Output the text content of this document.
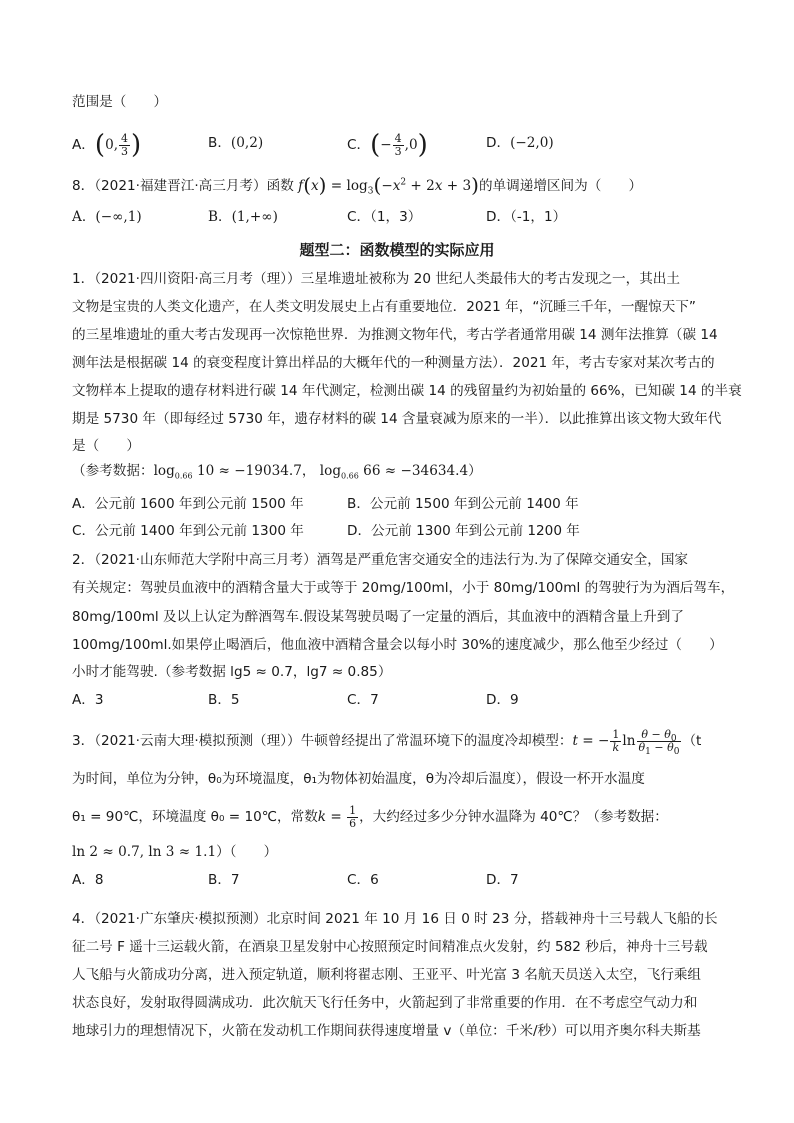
范围是（　　）
A．(0, $\frac{4}{3}$ )	B．(0,2)	C．(− $\frac{4}{3} ,0$)	D．(−2,0)
8．（2021·福建晋江·高三月考）函数 $f(x) = \log_3(-x^2 + 2x + 3)$的单调递增区间为（　　）
A．(−∞,1)	B．(1,+∞)	C．（1，3）	D．（-1，1）
题型二：函数模型的实际应用
1．（2021·四川资阳·高三月考（理））三星堆遗址被称为 20 世纪人类最伟大的考古发现之一，其出土
文物是宝贵的人类文化遗产，在人类文明发展史上占有重要地位．2021 年，“沉睡三千年，一醒惊天下”
的三星堆遗址的重大考古发现再一次惊艳世界．为推测文物年代，考古学者通常用碳 14 测年法推算（碳 14
测年法是根据碳 14 的衰变程度计算出样品的大概年代的一种测量方法）．2021 年，考古专家对某次考古的
文物样本上提取的遗存材料进行碳 14 年代测定，检测出碳 14 的残留量约为初始量的 66%，已知碳 14 的半衰
期是 5730 年（即每经过 5730 年，遗存材料的碳 14 含量衰减为原来的一半）．以此推算出该文物大致年代
是（　　）
（参考数据：$\log_{0.66} 10 \approx -19034.7$， $\log_{0.66} 66 \approx -34634.4$）
A．公元前 1600 年到公元前 1500 年	B．公元前 1500 年到公元前 1400 年
C．公元前 1400 年到公元前 1300 年	D．公元前 1300 年到公元前 1200 年
2．（2021·山东师范大学附中高三月考）酒驾是严重危害交通安全的违法行为.为了保障交通安全，国家
有关规定：驾驶员血液中的酒精含量大于或等于 20mg/100ml，小于 80mg/100ml 的驾驶行为为酒后驾车，
80mg/100ml 及以上认定为醉酒驾车.假设某驾驶员喝了一定量的酒后，其血液中的酒精含量上升到了
100mg/100ml.如果停止喝酒后，他血液中酒精含量会以每小时 30%的速度减少，那么他至少经过（　　）
小时才能驾驶.（参考数据 lg5 ≈ 0.7，lg7 ≈ 0.85）
A．3	B．5	C．7	D．9
3．（2021·云南大理·模拟预测（理））牛顿曾经提出了常温环境下的温度冷却模型：t = − $\frac{1}{k}$ $\ln \frac{\theta - \theta_0}{\theta_1 - \theta_0} (t$
为时间，单位为分钟，θ₀为环境温度，θ₁为物体初始温度，θ为冷却后温度），假设一杯开水温度
θ₁ = 90℃，环境温度 θ₀ = 10℃，常数$k = \frac{1}{6}$ ，大约经过多少分钟水温降为 40℃？（参考数据：
ln 2 ≈ 0.7, ln 3 ≈ 1.1）（　　）
A．8	B．7	C．6	D．7
4．（2021·广东肇庆·模拟预测）北京时间 2021 年 10 月 16 日 0 时 23 分，搭载神舟十三号载人飞船的长
征二号 F 遥十三运载火箭，在酒泉卫星发射中心按照预定时间精准点火发射，约 582 秒后，神舟十三号载
人飞船与火箭成功分离，进入预定轨道，顺利将翟志刚、王亚平、叶光富 3 名航天员送入太空，飞行乘组
状态良好，发射取得圆满成功．此次航天飞行任务中，火箭起到了非常重要的作用．在不考虑空气动力和
地球引力的理想情况下，火箭在发动机工作期间获得速度增量 v（单位：千米/秒）可以用齐奥尔科夫斯基
